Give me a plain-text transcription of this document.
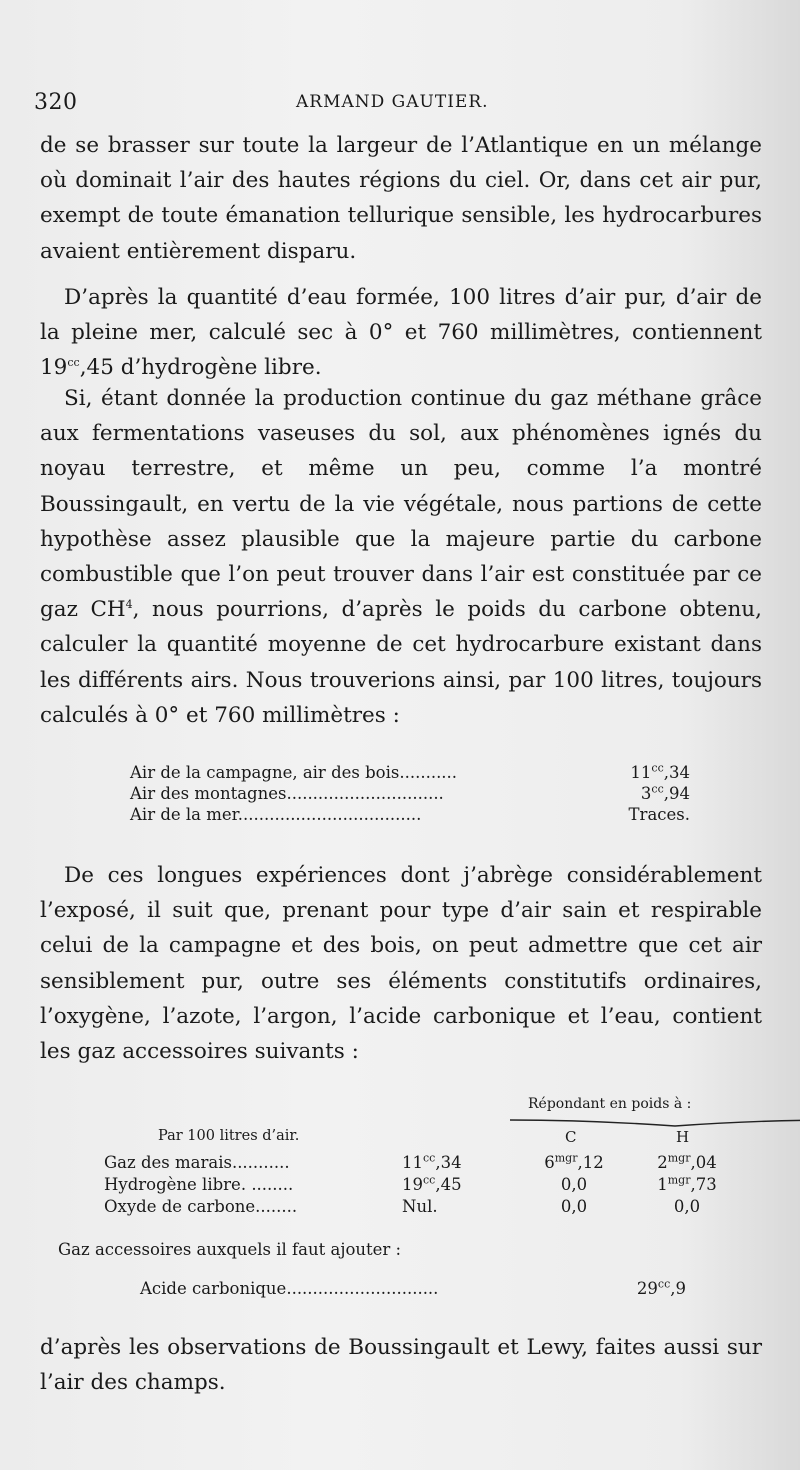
320	ARMAND GAUTIER.

de se brasser sur toute la largeur de l’Atlantique en un mélange où dominait l’air des hautes régions du ciel. Or, dans cet air pur, exempt de toute émanation tellurique sensible, les hydrocarbures avaient entièrement disparu.

D’après la quantité d’eau formée, 100 litres d’air pur, d’air de la pleine mer, calculé sec à 0° et 760 millimètres, contiennent $19^{cc},45$ d’hydrogène libre.

Si, étant donnée la production continue du gaz méthane grâce aux fermentations vaseuses du sol, aux phénomènes ignés du noyau terrestre, et même un peu, comme l’a montré Boussingault, en vertu de la vie végétale, nous partions de cette hypothèse assez plausible que la majeure partie du carbone combustible que l’on peut trouver dans l’air est constituée par ce gaz $CH^4$, nous pourrions, d’après le poids du carbone obtenu, calculer la quantité moyenne de cet hydrocarbure existant dans les différents airs. Nous trouverions ainsi, par 100 litres, toujours calculés à 0° et 760 millimètres :

Air de la campagne, air des bois...........	$11^{cc},34$
Air des montagnes..............................	$3^{cc},94$
Air de la mer...................................	Traces.

De ces longues expériences dont j’abrège considérablement l’exposé, il suit que, prenant pour type d’air sain et respirable celui de la campagne et des bois, on peut admettre que cet air sensiblement pur, outre ses éléments constitutifs ordinaires, l’oxygène, l’azote, l’argon, l’acide carbonique et l’eau, contient les gaz accessoires suivants :

Répondant en poids à :
C	H
Par 100 litres d’air.
Gaz des marais...........	$11^{cc},34$	$6^{mgr},12$	$2^{mgr},04$
Hydrogène libre. ........	$19^{cc},45$	0,0	$1^{mgr},73$
Oxyde de carbone........	Nul.	0,0	0,0
Gaz accessoires auxquels il faut ajouter :
Acide carbonique.............................	$29^{cc},9$

d’après les observations de Boussingault et Lewy, faites aussi sur l’air des champs.
